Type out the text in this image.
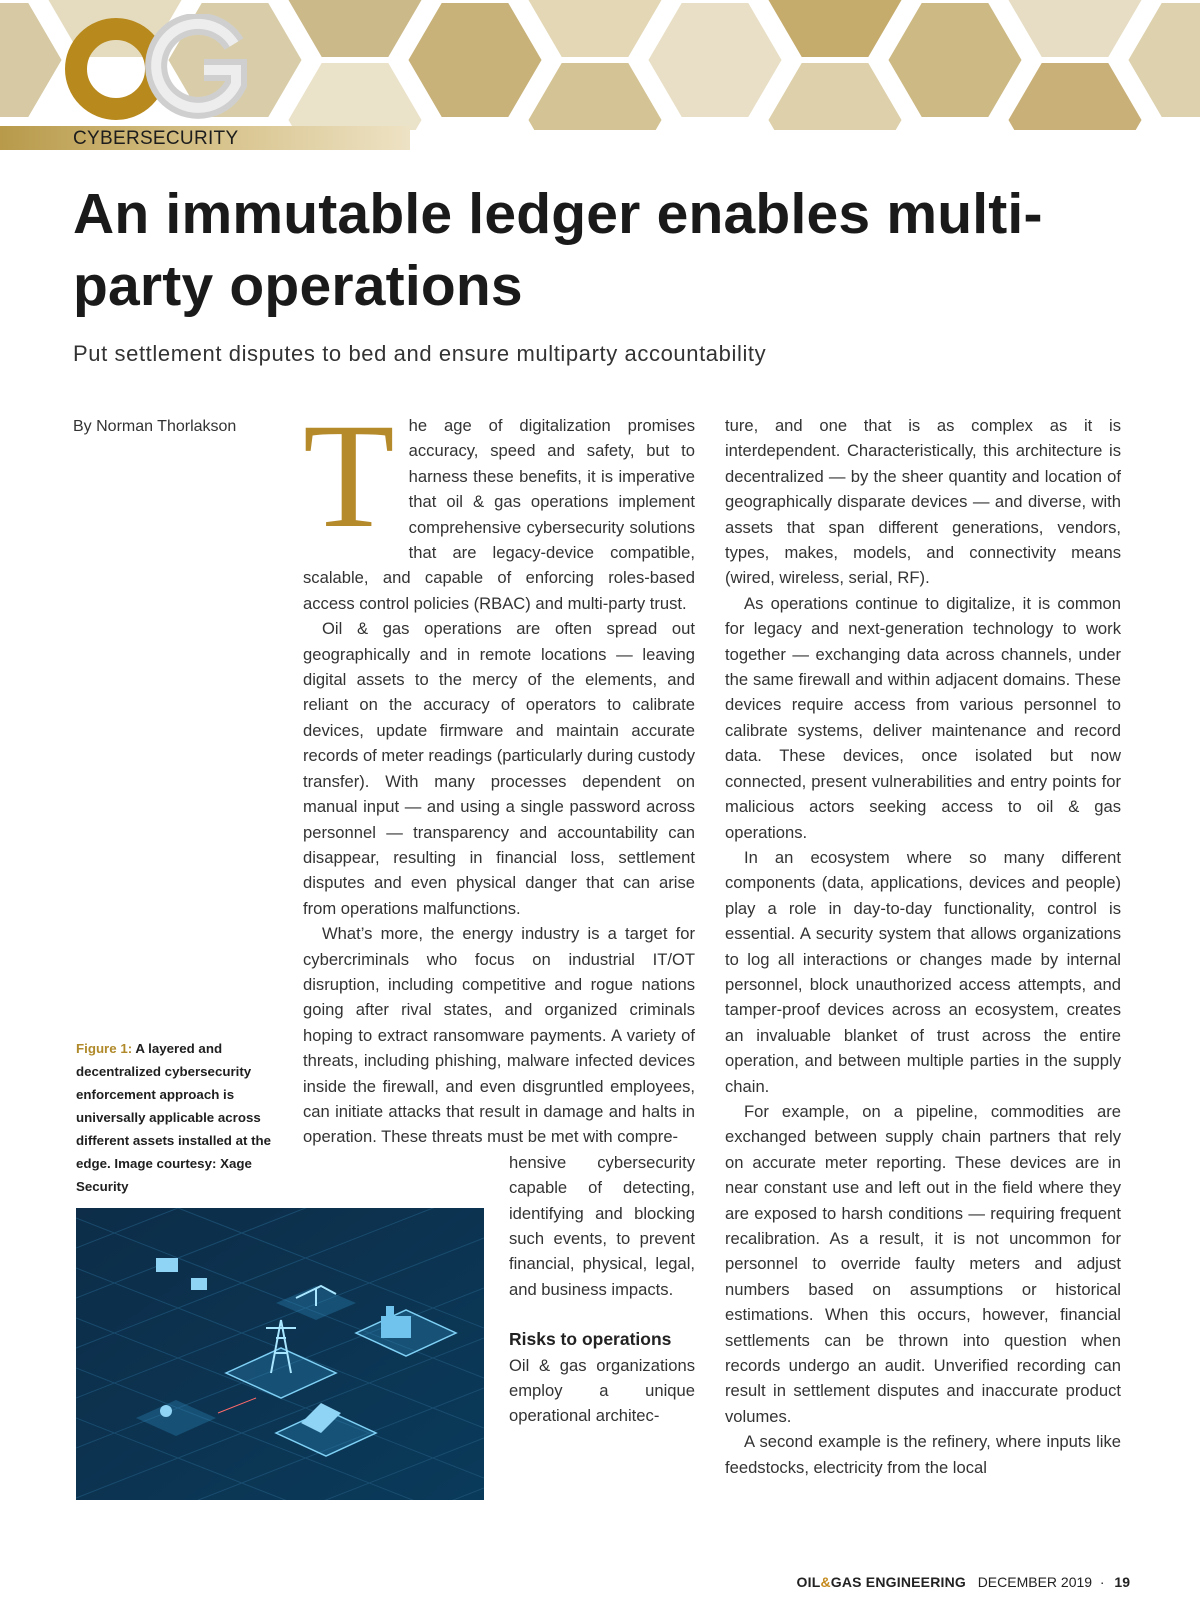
CYBERSECURITY
An immutable ledger enables multi-party operations

Put settlement disputes to bed and ensure multiparty accountability

By Norman Thorlakson
Figure 1: A layered and decentralized cybersecurity enforcement approach is universally applicable across different assets installed at the edge. Image courtesy: Xage Security
T he age of digitalization promises accuracy, speed and safety, but to harness these benefits, it is imperative that oil & gas operations implement comprehensive cybersecurity solutions that are legacy-device compatible, scalable, and capable of enforcing roles-based access control policies (RBAC) and multi-party trust.

Oil & gas operations are often spread out geographically and in remote locations — leaving digital assets to the mercy of the elements, and reliant on the accuracy of operators to calibrate devices, update firmware and maintain accurate records of meter readings (particularly during custody transfer). With many processes dependent on manual input — and using a single password across personnel — transparency and accountability can disappear, resulting in financial loss, settlement disputes and even physical danger that can arise from operations malfunctions.

What’s more, the energy industry is a target for cybercriminals who focus on industrial IT/OT disruption, including competitive and rogue nations going after rival states, and organized criminals hoping to extract ransomware payments. A variety of threats, including phishing, malware infected devices inside the firewall, and even disgruntled employees, can initiate attacks that result in damage and halts in operation. These threats must be met with compre-

hensive cybersecurity capable of detecting, identifying and blocking such events, to prevent financial, physical, legal, and business impacts.

Risks to operations

Oil & gas organizations employ a unique operational architec-

ture, and one that is as complex as it is interdependent. Characteristically, this architecture is decentralized — by the sheer quantity and location of geographically disparate devices — and diverse, with assets that span different generations, vendors, types, makes, models, and connectivity means (wired, wireless, serial, RF).

As operations continue to digitalize, it is common for legacy and next-generation technology to work together — exchanging data across channels, under the same firewall and within adjacent domains. These devices require access from various personnel to calibrate systems, deliver maintenance and record data. These devices, once isolated but now connected, present vulnerabilities and entry points for malicious actors seeking access to oil & gas operations.

In an ecosystem where so many different components (data, applications, devices and people) play a role in day-to-day functionality, control is essential. A security system that allows organizations to log all interactions or changes made by internal personnel, block unauthorized access attempts, and tamper-proof devices across an ecosystem, creates an invaluable blanket of trust across the entire operation, and between multiple parties in the supply chain.

For example, on a pipeline, commodities are exchanged between supply chain partners that rely on accurate meter reporting. These devices are in near constant use and left out in the field where they are exposed to harsh conditions — requiring frequent recalibration. As a result, it is not uncommon for personnel to override faulty meters and adjust numbers based on assumptions or historical estimations. When this occurs, however, financial settlements can be thrown into question when records undergo an audit. Unverified recording can result in settlement disputes and inaccurate product volumes.

A second example is the refinery, where inputs like feedstocks, electricity from the local

OIL&GAS ENGINEERING DECEMBER 2019 · 19
